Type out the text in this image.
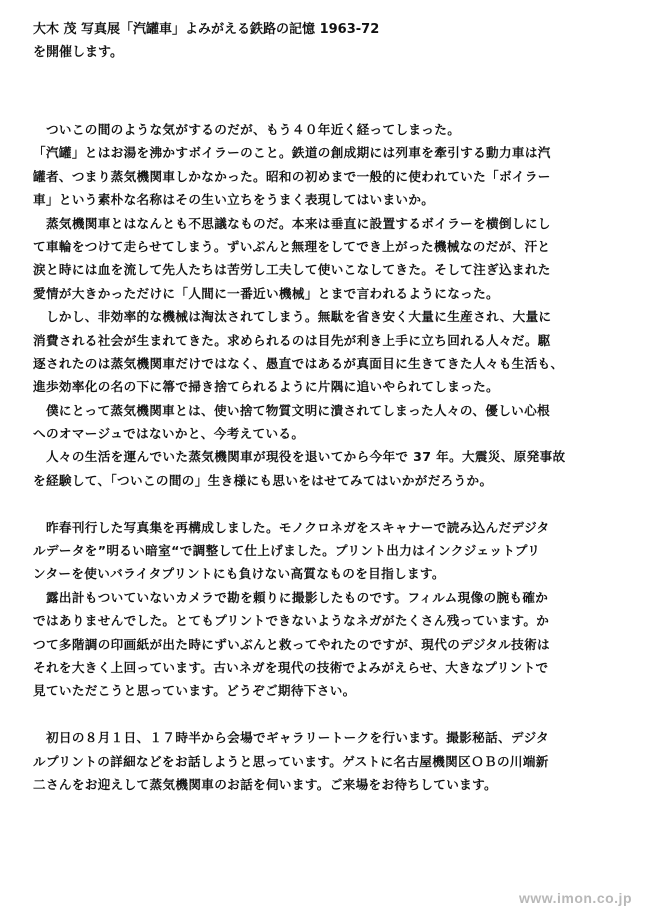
大木 茂 写真展「汽罐車」よみがえる鉄路の記憶 1963-72
を開催します。
　ついこの間のような気がするのだが、もう４０年近く経ってしまった。
「汽罐」とはお湯を沸かすボイラーのこと。鉄道の創成期には列車を牽引する動力車は汽
罐者、つまり蒸気機関車しかなかった。昭和の初めまで一般的に使われていた「ボイラー
車」という素朴な名称はその生い立ちをうまく表現してはいまいか。
　蒸気機関車とはなんとも不思議なものだ。本来は垂直に設置するボイラーを横倒しにし
て車輪をつけて走らせてしまう。ずいぶんと無理をしてでき上がった機械なのだが、汗と
涙と時には血を流して先人たちは苦労し工夫して使いこなしてきた。そして注ぎ込まれた
愛情が大きかっただけに「人間に一番近い機械」とまで言われるようになった。
　しかし、非効率的な機械は淘汰されてしまう。無駄を省き安く大量に生産され、大量に
消費される社会が生まれてきた。求められるのは目先が利き上手に立ち回れる人々だ。駆
逐されたのは蒸気機関車だけではなく、愚直ではあるが真面目に生きてきた人々も生活も、
進歩効率化の名の下に箒で掃き捨てられるように片隅に追いやられてしまった。
　僕にとって蒸気機関車とは、使い捨て物質文明に潰されてしまった人々の、優しい心根
へのオマージュではないかと、今考えている。
　人々の生活を運んでいた蒸気機関車が現役を退いてから今年で 37 年。大震災、原発事故
を経験して、「ついこの間の」生き様にも思いをはせてみてはいかがだろうか。
　昨春刊行した写真集を再構成しました。モノクロネガをスキャナーで読み込んだデジタ
ルデータを”明るい暗室“で調整して仕上げました。プリント出力はインクジェットプリ
ンターを使いバライタプリントにも負けない高質なものを目指します。
　露出計もついていないカメラで勘を頼りに撮影したものです。フィルム現像の腕も確か
ではありませんでした。とてもプリントできないようなネガがたくさん残っています。か
つて多階調の印画紙が出た時にずいぶんと救ってやれたのですが、現代のデジタル技術は
それを大きく上回っています。古いネガを現代の技術でよみがえらせ、大きなプリントで
見ていただこうと思っています。どうぞご期待下さい。
　初日の８月１日、１７時半から会場でギャラリートークを行います。撮影秘話、デジタ
ルプリントの詳細などをお話しようと思っています。ゲストに名古屋機関区ＯＢの川端新
二さんをお迎えして蒸気機関車のお話を伺います。ご来場をお待ちしています。
www.imon.co.jp
